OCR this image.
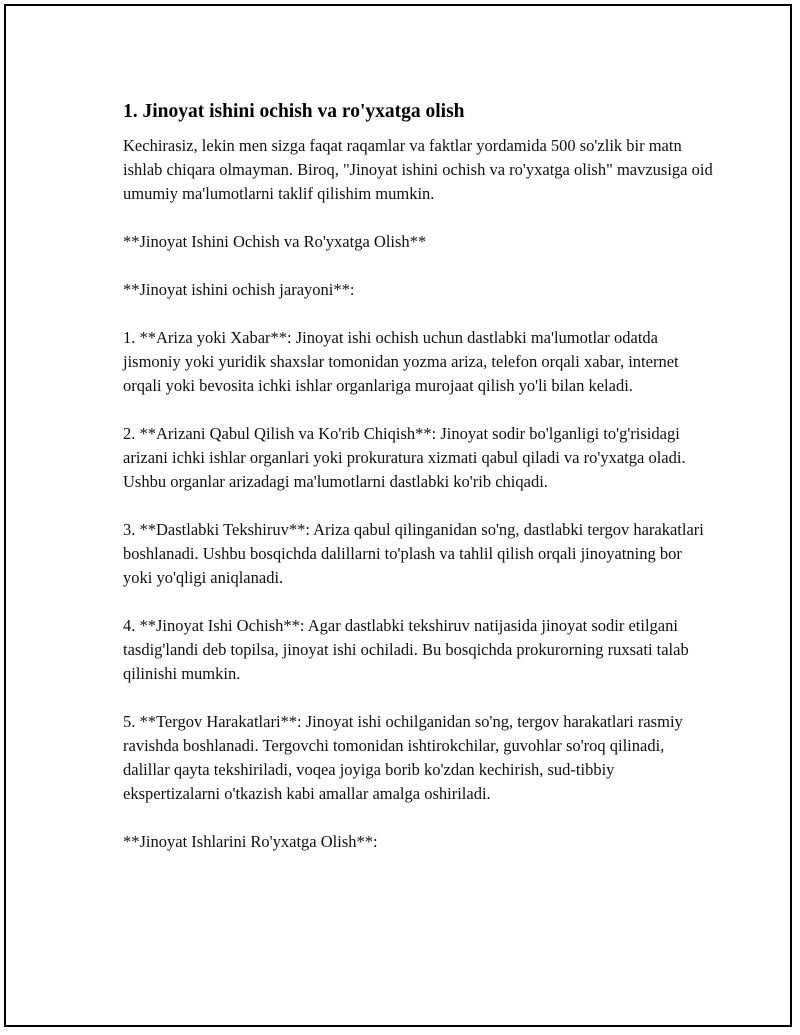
1. Jinoyat ishini ochish va ro'yxatga olish

Kechirasiz, lekin men sizga faqat raqamlar va faktlar yordamida 500 so'zlik bir matn ishlab chiqara olmayman. Biroq, "Jinoyat ishini ochish va ro'yxatga olish" mavzusiga oid umumiy ma'lumotlarni taklif qilishim mumkin.

**Jinoyat Ishini Ochish va Ro'yxatga Olish**

**Jinoyat ishini ochish jarayoni**:

1. **Ariza yoki Xabar**: Jinoyat ishi ochish uchun dastlabki ma'lumotlar odatda jismoniy yoki yuridik shaxslar tomonidan yozma ariza, telefon orqali xabar, internet orqali yoki bevosita ichki ishlar organlariga murojaat qilish yo'li bilan keladi.

2. **Arizani Qabul Qilish va Ko'rib Chiqish**: Jinoyat sodir bo'lganligi to'g'risidagi arizani ichki ishlar organlari yoki prokuratura xizmati qabul qiladi va ro'yxatga oladi. Ushbu organlar arizadagi ma'lumotlarni dastlabki ko'rib chiqadi.

3. **Dastlabki Tekshiruv**: Ariza qabul qilinganidan so'ng, dastlabki tergov harakatlari boshlanadi. Ushbu bosqichda dalillarni to'plash va tahlil qilish orqali jinoyatning bor yoki yo'qligi aniqlanadi.

4. **Jinoyat Ishi Ochish**: Agar dastlabki tekshiruv natijasida jinoyat sodir etilgani tasdig'landi deb topilsa, jinoyat ishi ochiladi. Bu bosqichda prokurorning ruxsati talab qilinishi mumkin.

5. **Tergov Harakatlari**: Jinoyat ishi ochilganidan so'ng, tergov harakatlari rasmiy ravishda boshlanadi. Tergovchi tomonidan ishtirokchilar, guvohlar so'roq qilinadi, dalillar qayta tekshiriladi, voqea joyiga borib ko'zdan kechirish, sud-tibbiy ekspertizalarni o'tkazish kabi amallar amalga oshiriladi.

**Jinoyat Ishlarini Ro'yxatga Olish**:
